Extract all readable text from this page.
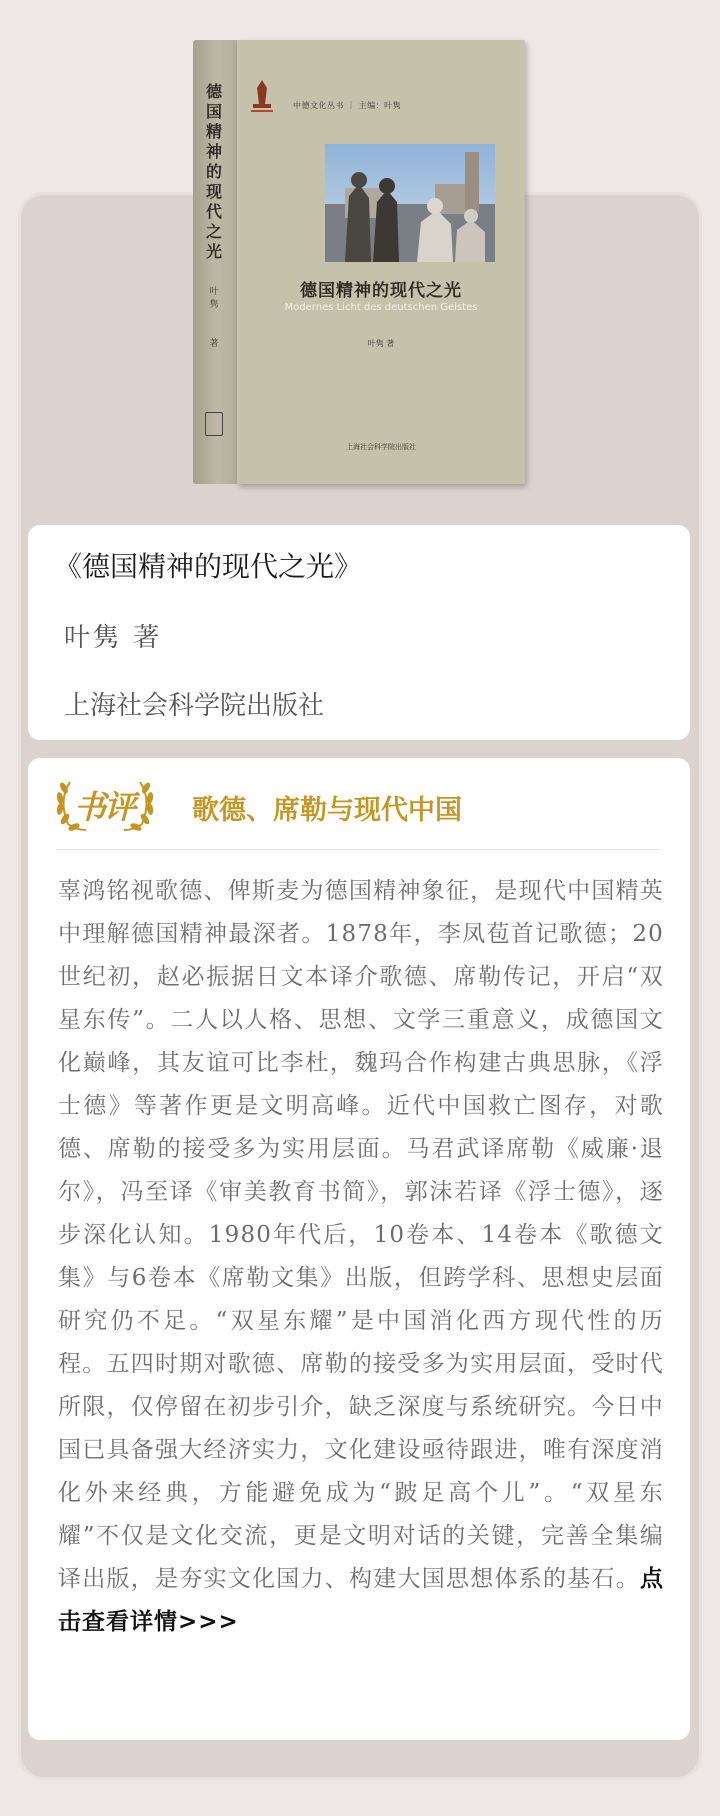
德
国
精
神
的
现
代
之
光
叶
隽

著
中德文化丛书 ｜ 主编：叶隽
德国精神的现代之光
Modernes Licht des deutschen Geistes
叶隽 著
上海社会科学院出版社
《德国精神的现代之光》
叶隽 著
上海社会科学院出版社
书评 歌德、席勒与现代中国

辜鸿铭视歌德、俾斯麦为德国精神象征，是现代中国精英中理解德国精神最深者。1878年，李凤苞首记歌德；20世纪初，赵必振据日文本译介歌德、席勒传记，开启“双星东传”。二人以人格、思想、文学三重意义，成德国文化巅峰，其友谊可比李杜，魏玛合作构建古典思脉，《浮士德》等著作更是文明高峰。近代中国救亡图存，对歌德、席勒的接受多为实用层面。马君武译席勒《威廉·退尔》，冯至译《审美教育书简》，郭沫若译《浮士德》，逐步深化认知。1980年代后，10卷本、14卷本《歌德文集》与6卷本《席勒文集》出版，但跨学科、思想史层面研究仍不足。“双星东耀”是中国消化西方现代性的历程。五四时期对歌德、席勒的接受多为实用层面，受时代所限，仅停留在初步引介，缺乏深度与系统研究。今日中国已具备强大经济实力，文化建设亟待跟进，唯有深度消化外来经典，方能避免成为“跛足高个儿”。“双星东耀”不仅是文化交流，更是文明对话的关键，完善全集编译出版，是夯实文化国力、构建大国思想体系的基石。点击查看详情>>>
